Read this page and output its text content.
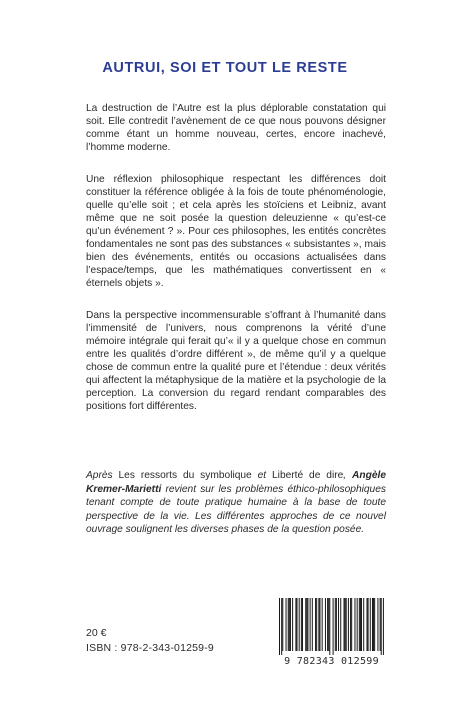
AUTRUI, SOI ET TOUT LE RESTE

La destruction de l’Autre est la plus déplorable constatation qui soit. Elle contredit l’avènement de ce que nous pouvons désigner comme étant un homme nouveau, certes, encore inachevé, l’homme moderne.

Une réflexion philosophique respectant les différences doit constituer la référence obligée à la fois de toute phénoménologie, quelle qu’elle soit ; et cela après les stoïciens et Leibniz, avant même que ne soit posée la question deleuzienne « qu’est-ce qu’un événement ? ». Pour ces philosophes, les entités concrètes fondamentales ne sont pas des substances « subsistantes », mais bien des événements, entités ou occasions actualisées dans l’espace/temps, que les mathématiques convertissent en « éternels objets ».

Dans la perspective incommensurable s’offrant à l’humanité dans l’immensité de l’univers, nous comprenons la vérité d’une mémoire intégrale qui ferait qu’« il y a quelque chose en commun entre les qualités d’ordre différent », de même qu’il y a quelque chose de commun entre la qualité pure et l’étendue : deux vérités qui affectent la métaphysique de la matière et la psychologie de la perception. La conversion du regard rendant comparables des positions fort différentes.

Après Les ressorts du symbolique et Liberté de dire, Angèle Kremer-Marietti revient sur les problèmes éthico-philosophiques tenant compte de toute pratique humaine à la base de toute perspective de la vie. Les différentes approches de ce nouvel ouvrage soulignent les diverses phases de la question posée.

20 €
ISBN : 978-2-343-01259-9
9 782343 012599
